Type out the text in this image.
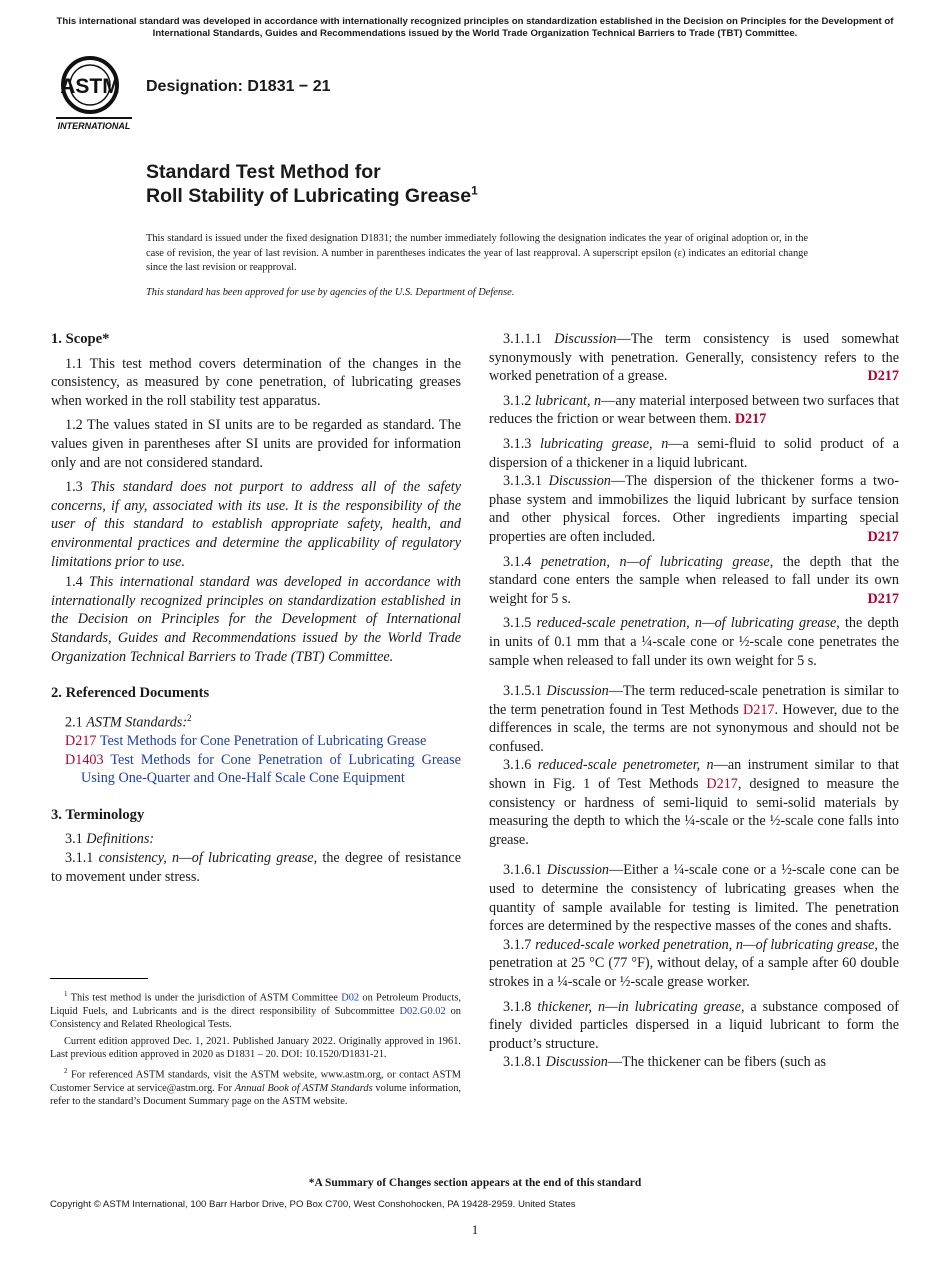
This international standard was developed in accordance with internationally recognized principles on standardization established in the Decision on Principles for the Development of International Standards, Guides and Recommendations issued by the World Trade Organization Technical Barriers to Trade (TBT) Committee.
ASTM
INTERNATIONAL
Designation: D1831 − 21
Standard Test Method for
Roll Stability of Lubricating Grease$^1$
This standard is issued under the fixed designation D1831; the number immediately following the designation indicates the year of original adoption or, in the case of revision, the year of last revision. A number in parentheses indicates the year of last reapproval. A superscript epsilon (ε) indicates an editorial change since the last revision or reapproval.
This standard has been approved for use by agencies of the U.S. Department of Defense.

1. Scope*

1.1 This test method covers determination of the changes in the consistency, as measured by cone penetration, of lubricating greases when worked in the roll stability test apparatus.

1.2 The values stated in SI units are to be regarded as standard. The values given in parentheses after SI units are provided for information only and are not considered standard.

1.3 This standard does not purport to address all of the safety concerns, if any, associated with its use. It is the responsibility of the user of this standard to establish appropriate safety, health, and environmental practices and determine the applicability of regulatory limitations prior to use.

1.4 This international standard was developed in accordance with internationally recognized principles on standardization established in the Decision on Principles for the Development of International Standards, Guides and Recommendations issued by the World Trade Organization Technical Barriers to Trade (TBT) Committee.

2. Referenced Documents

2.1 ASTM Standards:$^2$

D217 Test Methods for Cone Penetration of Lubricating Grease

D1403 Test Methods for Cone Penetration of Lubricating Grease Using One-Quarter and One-Half Scale Cone Equipment

3. Terminology

3.1 Definitions:

3.1.1 consistency, n—of lubricating grease, the degree of resistance to movement under stress.

3.1.1.1 Discussion—The term consistency is used somewhat synonymously with penetration. Generally, consistency refers to the worked penetration of a grease.	D217

3.1.2 lubricant, n—any material interposed between two surfaces that reduces the friction or wear between them. D217

3.1.3 lubricating grease, n—a semi-fluid to solid product of a dispersion of a thickener in a liquid lubricant.

3.1.3.1 Discussion—The dispersion of the thickener forms a two-phase system and immobilizes the liquid lubricant by surface tension and other physical forces. Other ingredients imparting special properties are often included.	D217

3.1.4 penetration, n—of lubricating grease, the depth that the standard cone enters the sample when released to fall under its own weight for 5 s.	D217

3.1.5 reduced-scale penetration, n—of lubricating grease, the depth in units of 0.1 mm that a ¼-scale cone or ½-scale cone penetrates the sample when released to fall under its own weight for 5 s.

3.1.5.1 Discussion—The term reduced-scale penetration is similar to the term penetration found in Test Methods D217. However, due to the differences in scale, the terms are not synonymous and should not be confused.

3.1.6 reduced-scale penetrometer, n—an instrument similar to that shown in Fig. 1 of Test Methods D217, designed to measure the consistency or hardness of semi-liquid to semi-solid materials by measuring the depth to which the ¼-scale or the ½-scale cone falls into grease.

3.1.6.1 Discussion—Either a ¼-scale cone or a ½-scale cone can be used to determine the consistency of lubricating greases when the quantity of sample available for testing is limited. The penetration forces are determined by the respective masses of the cones and shafts.

3.1.7 reduced-scale worked penetration, n—of lubricating grease, the penetration at 25 °C (77 °F), without delay, of a sample after 60 double strokes in a ¼-scale or ½-scale grease worker.

3.1.8 thickener, n—in lubricating grease, a substance composed of finely divided particles dispersed in a liquid lubricant to form the product’s structure.

3.1.8.1 Discussion—The thickener can be fibers (such as

$^1$ This test method is under the jurisdiction of ASTM Committee D02 on Petroleum Products, Liquid Fuels, and Lubricants and is the direct responsibility of Subcommittee D02.G0.02 on Consistency and Related Rheological Tests.

Current edition approved Dec. 1, 2021. Published January 2022. Originally approved in 1961. Last previous edition approved in 2020 as D1831 – 20. DOI: 10.1520/D1831-21.

$^2$ For referenced ASTM standards, visit the ASTM website, www.astm.org, or contact ASTM Customer Service at service@astm.org. For Annual Book of ASTM Standards volume information, refer to the standard’s Document Summary page on the ASTM website.

*A Summary of Changes section appears at the end of this standard
Copyright © ASTM International, 100 Barr Harbor Drive, PO Box C700, West Conshohocken, PA 19428-2959. United States
1
